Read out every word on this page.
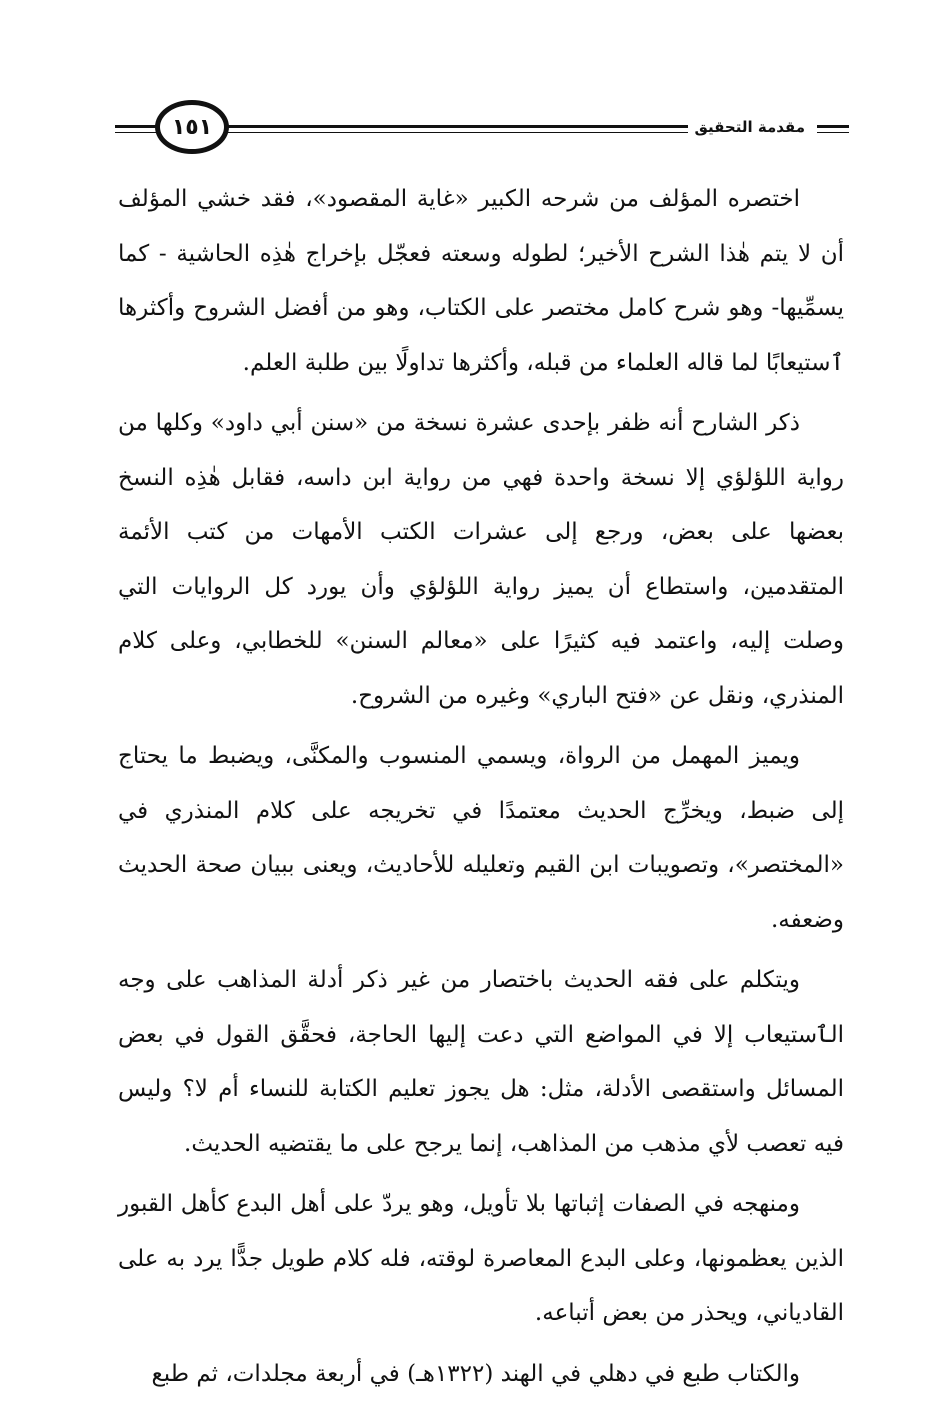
١٥١	مقدمة التحقيق

اختصره المؤلف من شرحه الكبير «غاية المقصود»، فقد خشي المؤلف أن لا يتم هٰذا الشرح الأخير؛ لطوله وسعته فعجّل بإخراج هٰذِه الحاشية - كما يسمِّيها- وهو شرح كامل مختصر على الكتاب، وهو من أفضل الشروح وأكثرها ٱستيعابًا لما قاله العلماء من قبله، وأكثرها تداولًا بين طلبة العلم.

ذكر الشارح أنه ظفر بإحدى عشرة نسخة من «سنن أبي داود» وكلها من رواية اللؤلؤي إلا نسخة واحدة فهي من رواية ابن داسه، فقابل هٰذِه النسخ بعضها على بعض، ورجع إلى عشرات الكتب الأمهات من كتب الأئمة المتقدمين، واستطاع أن يميز رواية اللؤلؤي وأن يورد كل الروايات التي وصلت إليه، واعتمد فيه كثيرًا على «معالم السنن» للخطابي، وعلى كلام المنذري، ونقل عن «فتح الباري» وغيره من الشروح.

ويميز المهمل من الرواة، ويسمي المنسوب والمكنَّى، ويضبط ما يحتاج إلى ضبط، ويخرِّج الحديث معتمدًا في تخريجه على كلام المنذري في «المختصر»، وتصويبات ابن القيم وتعليله للأحاديث، ويعنى ببيان صحة الحديث وضعفه.

ويتكلم على فقه الحديث باختصار من غير ذكر أدلة المذاهب على وجه الٱستيعاب إلا في المواضع التي دعت إليها الحاجة، فحقَّق القول في بعض المسائل واستقصى الأدلة، مثل: هل يجوز تعليم الكتابة للنساء أم لا؟ وليس فيه تعصب لأي مذهب من المذاهب، إنما يرجح على ما يقتضيه الحديث.

ومنهجه في الصفات إثباتها بلا تأويل، وهو يردّ على أهل البدع كأهل القبور الذين يعظمونها، وعلى البدع المعاصرة لوقته، فله كلام طويل جدًّا يرد به على القادياني، ويحذر من بعض أتباعه.

والكتاب طبع في دهلي في الهند (١٣٢٢هـ) في أربعة مجلدات، ثم طبع
